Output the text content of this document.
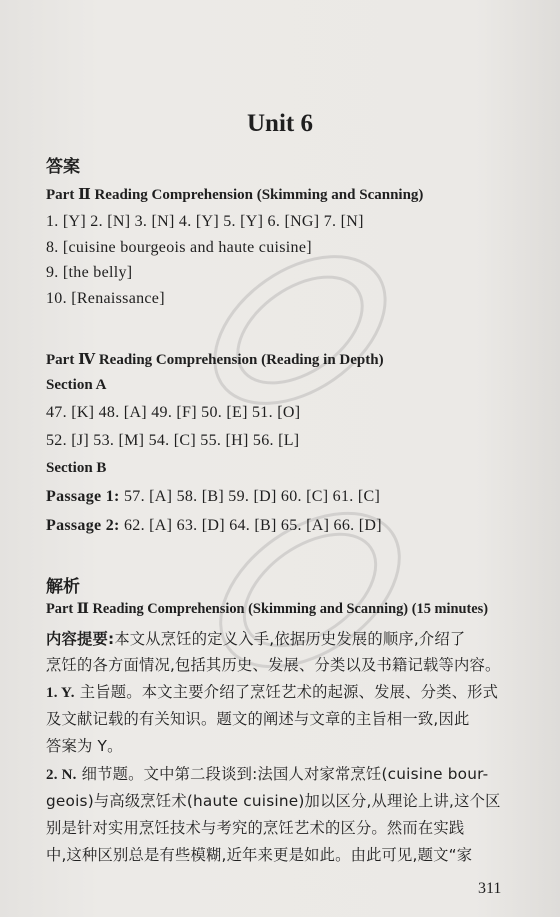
Unit 6
答案
Part Ⅱ Reading Comprehension (Skimming and Scanning)
1. [Y] 2. [N] 3. [N] 4. [Y] 5. [Y] 6. [NG] 7. [N]
8. [cuisine bourgeois and haute cuisine]
9. [the belly]
10. [Renaissance]
Part Ⅳ Reading Comprehension (Reading in Depth)
Section A
47. [K] 48. [A] 49. [F] 50. [E] 51. [O]
52. [J] 53. [M] 54. [C] 55. [H] 56. [L]
Section B
Passage 1: 57. [A] 58. [B] 59. [D] 60. [C] 61. [C]
Passage 2: 62. [A] 63. [D] 64. [B] 65. [A] 66. [D]
解析
Part Ⅱ Reading Comprehension (Skimming and Scanning) (15 minutes)
内容提要:本文从烹饪的定义入手,依据历史发展的顺序,介绍了
烹饪的各方面情况,包括其历史、发展、分类以及书籍记载等内容。
1. Y. 主旨题。本文主要介绍了烹饪艺术的起源、发展、分类、形式
及文献记载的有关知识。题文的阐述与文章的主旨相一致,因此
答案为 Y。
2. N. 细节题。文中第二段谈到:法国人对家常烹饪(cuisine bour-
geois)与高级烹饪术(haute cuisine)加以区分,从理论上讲,这个区
别是针对实用烹饪技术与考究的烹饪艺术的区分。然而在实践
中,这种区别总是有些模糊,近年来更是如此。由此可见,题文“家
311
